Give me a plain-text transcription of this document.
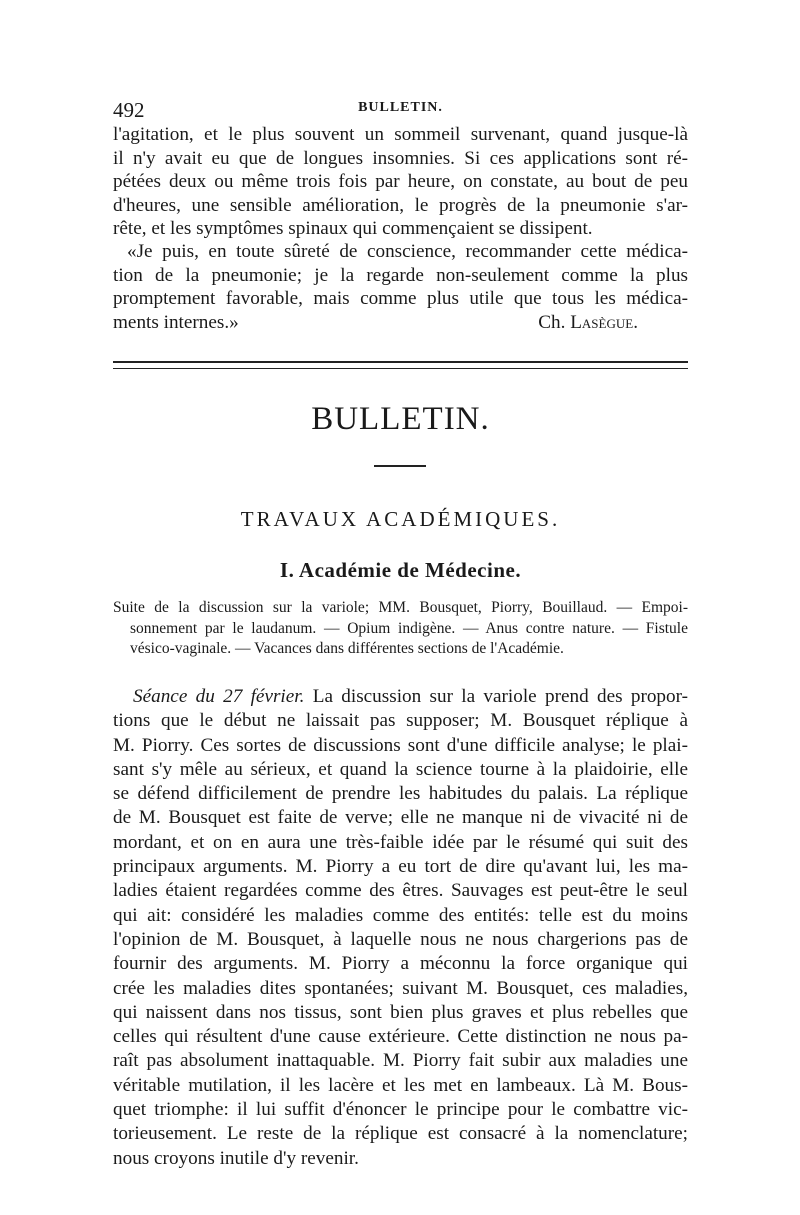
492	BULLETIN.
l'agitation, et le plus souvent un sommeil survenant, quand jusque-là
il n'y avait eu que de longues insomnies. Si ces applications sont ré-
pétées deux ou même trois fois par heure, on constate, au bout de peu
d'heures, une sensible amélioration, le progrès de la pneumonie s'ar-
rête, et les symptômes spinaux qui commençaient se dissipent.
«Je puis, en toute sûreté de conscience, recommander cette médica-
tion de la pneumonie; je la regarde non-seulement comme la plus
promptement favorable, mais comme plus utile que tous les médica-
ments internes.»	Ch. Lasègue.
BULLETIN.
TRAVAUX ACADÉMIQUES.
I. Académie de Médecine.
Suite de la discussion sur la variole; MM. Bousquet, Piorry, Bouillaud. — Empoi-
sonnement par le laudanum. — Opium indigène. — Anus contre nature. — Fistule
vésico-vaginale. — Vacances dans différentes sections de l'Académie.
Séance du 27 février. La discussion sur la variole prend des propor-
tions que le début ne laissait pas supposer; M. Bousquet réplique à
M. Piorry. Ces sortes de discussions sont d'une difficile analyse; le plai-
sant s'y mêle au sérieux, et quand la science tourne à la plaidoirie, elle
se défend difficilement de prendre les habitudes du palais. La réplique
de M. Bousquet est faite de verve; elle ne manque ni de vivacité ni de
mordant, et on en aura une très-faible idée par le résumé qui suit des
principaux arguments. M. Piorry a eu tort de dire qu'avant lui, les ma-
ladies étaient regardées comme des êtres. Sauvages est peut-être le seul
qui ait: considéré les maladies comme des entités: telle est du moins
l'opinion de M. Bousquet, à laquelle nous ne nous chargerions pas de
fournir des arguments. M. Piorry a méconnu la force organique qui
crée les maladies dites spontanées; suivant M. Bousquet, ces maladies,
qui naissent dans nos tissus, sont bien plus graves et plus rebelles que
celles qui résultent d'une cause extérieure. Cette distinction ne nous pa-
raît pas absolument inattaquable. M. Piorry fait subir aux maladies une
véritable mutilation, il les lacère et les met en lambeaux. Là M. Bous-
quet triomphe: il lui suffit d'énoncer le principe pour le combattre vic-
torieusement. Le reste de la réplique est consacré à la nomenclature;
nous croyons inutile d'y revenir.
